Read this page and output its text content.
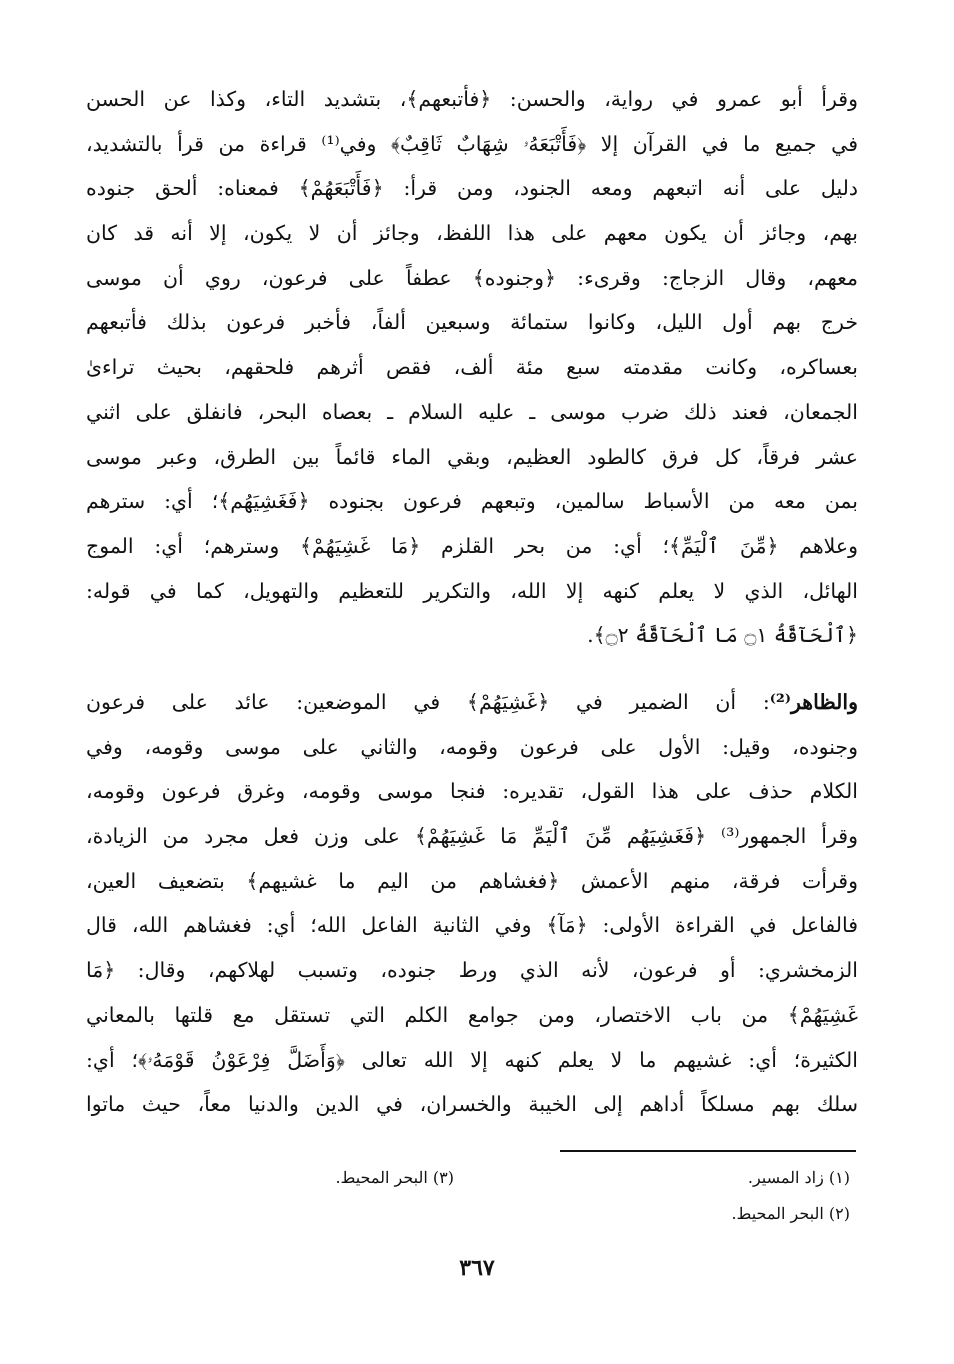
وقرأ أبو عمرو في رواية، والحسن: ﴿فأتبعهم﴾، بتشديد التاء، وكذا عن الحسن
في جميع ما في القرآن إلا ﴿فَأَتْبَعَهُۥ شِهَابٌ ثَاقِبٌ﴾ وفي⁽¹⁾ قراءة من قرأ بالتشديد،
دليل على أنه اتبعهم ومعه الجنود، ومن قرأ: ﴿فَأَتْبَعَهُمْ﴾ فمعناه: ألحق جنوده
بهم، وجائز أن يكون معهم على هذا اللفظ، وجائز أن لا يكون، إلا أنه قد كان
معهم، وقال الزجاج: وقرىء: ﴿وجنوده﴾ عطفاً على فرعون، روي أن موسى
خرج بهم أول الليل، وكانوا ستمائة وسبعين ألفاً، فأخبر فرعون بذلك فأتبعهم
بعساكره، وكانت مقدمته سبع مئة ألف، فقص أثرهم فلحقهم، بحيث تراءىٰ
الجمعان، فعند ذلك ضرب موسى ـ عليه السلام ـ بعصاه البحر، فانفلق على اثني
عشر فرقاً، كل فرق كالطود العظيم، وبقي الماء قائماً بين الطرق، وعبر موسى
بمن معه من الأسباط سالمين، وتبعهم فرعون بجنوده ﴿فَغَشِيَهُم﴾؛ أي: سترهم
وعلاهم ﴿مِّنَ ٱلْيَمِّ﴾؛ أي: من بحر القلزم ﴿مَا غَشِيَهُمْ﴾ وسترهم؛ أي: الموج
الهائل، الذي لا يعلم كنهه إلا الله، والتكرير للتعظيم والتهويل، كما في قوله:
﴿ٱلْحَآقَّةُ ۝١ مَا ٱلْحَآقَّةُ ۝٢﴾.
والظاهر⁽²⁾: أن الضمير في ﴿غَشِيَهُمْ﴾ في الموضعين: عائد على فرعون
وجنوده، وقيل: الأول على فرعون وقومه، والثاني على موسى وقومه، وفي
الكلام حذف على هذا القول، تقديره: فنجا موسى وقومه، وغرق فرعون وقومه،
وقرأ الجمهور⁽³⁾ ﴿فَغَشِيَهُم مِّنَ ٱلْيَمِّ مَا غَشِيَهُمْ﴾ على وزن فعل مجرد من الزيادة،
وقرأت فرقة، منهم الأعمش ﴿فغشاهم من اليم ما غشيهم﴾ بتضعيف العين،
فالفاعل في القراءة الأولى: ﴿مَآ﴾ وفي الثانية الفاعل الله؛ أي: فغشاهم الله، قال
الزمخشري: أو فرعون، لأنه الذي ورط جنوده، وتسبب لهلاكهم، وقال: ﴿مَا
غَشِيَهُمْ﴾ من باب الاختصار، ومن جوامع الكلم التي تستقل مع قلتها بالمعاني
الكثيرة؛ أي: غشيهم ما لا يعلم كنهه إلا الله تعالى ﴿وَأَضَلَّ فِرْعَوْنُ قَوْمَهُۥ﴾؛ أي:
سلك بهم مسلكاً أداهم إلى الخيبة والخسران، في الدين والدنيا معاً، حيث ماتوا
(١) زاد المسير.
(٢) البحر المحيط.
(٣) البحر المحيط.
٣٦٧
